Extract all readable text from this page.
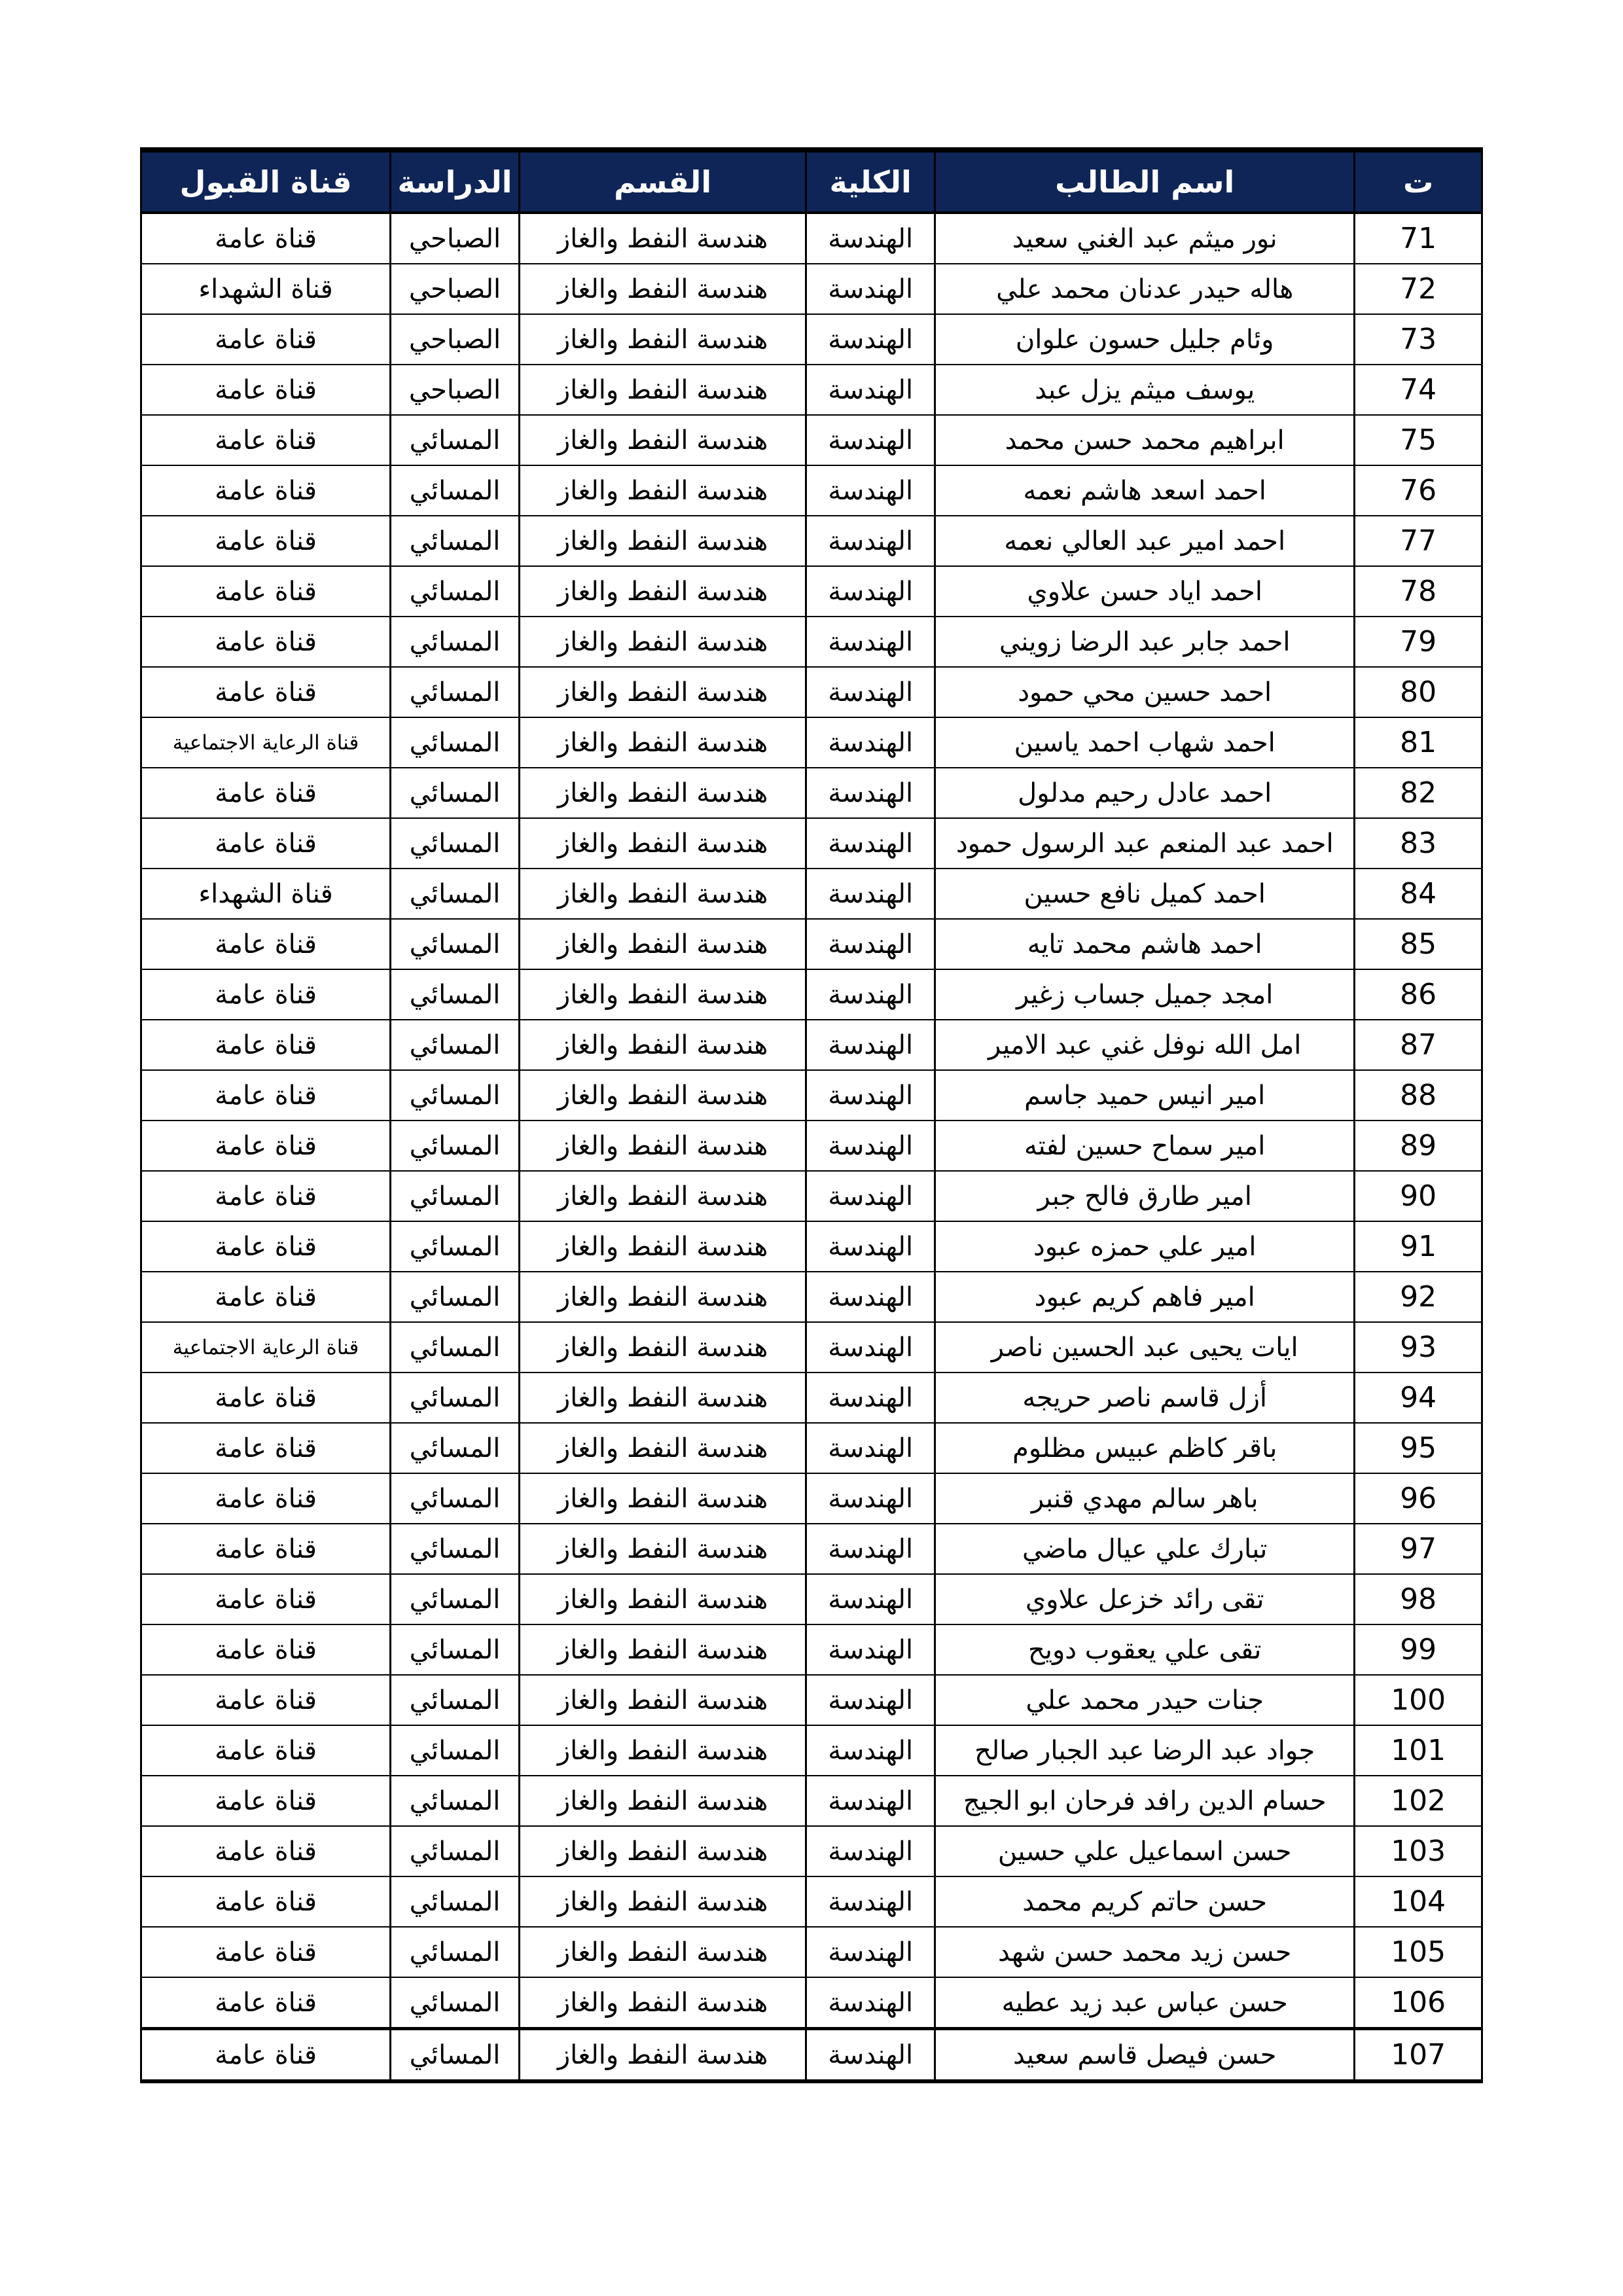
ت	اسم الطالب	الكلية	القسم	الدراسة	قناة القبول
71	نور ميثم عبد الغني سعيد	الهندسة	هندسة النفط والغاز	الصباحي	قناة عامة
72	هاله حيدر عدنان محمد علي	الهندسة	هندسة النفط والغاز	الصباحي	قناة الشهداء
73	وئام جليل حسون علوان	الهندسة	هندسة النفط والغاز	الصباحي	قناة عامة
74	يوسف ميثم يزل عبد	الهندسة	هندسة النفط والغاز	الصباحي	قناة عامة
75	ابراهيم محمد حسن محمد	الهندسة	هندسة النفط والغاز	المسائي	قناة عامة
76	احمد اسعد هاشم نعمه	الهندسة	هندسة النفط والغاز	المسائي	قناة عامة
77	احمد امير عبد العالي نعمه	الهندسة	هندسة النفط والغاز	المسائي	قناة عامة
78	احمد اياد حسن علاوي	الهندسة	هندسة النفط والغاز	المسائي	قناة عامة
79	احمد جابر عبد الرضا زويني	الهندسة	هندسة النفط والغاز	المسائي	قناة عامة
80	احمد حسين محي حمود	الهندسة	هندسة النفط والغاز	المسائي	قناة عامة
81	احمد شهاب احمد ياسين	الهندسة	هندسة النفط والغاز	المسائي	قناة الرعاية الاجتماعية
82	احمد عادل رحيم مدلول	الهندسة	هندسة النفط والغاز	المسائي	قناة عامة
83	احمد عبد المنعم عبد الرسول حمود	الهندسة	هندسة النفط والغاز	المسائي	قناة عامة
84	احمد كميل نافع حسين	الهندسة	هندسة النفط والغاز	المسائي	قناة الشهداء
85	احمد هاشم محمد تايه	الهندسة	هندسة النفط والغاز	المسائي	قناة عامة
86	امجد جميل جساب زغير	الهندسة	هندسة النفط والغاز	المسائي	قناة عامة
87	امل الله نوفل غني عبد الامير	الهندسة	هندسة النفط والغاز	المسائي	قناة عامة
88	امير انيس حميد جاسم	الهندسة	هندسة النفط والغاز	المسائي	قناة عامة
89	امير سماح حسين لفته	الهندسة	هندسة النفط والغاز	المسائي	قناة عامة
90	امير طارق فالح جبر	الهندسة	هندسة النفط والغاز	المسائي	قناة عامة
91	امير علي حمزه عبود	الهندسة	هندسة النفط والغاز	المسائي	قناة عامة
92	امير فاهم كريم عبود	الهندسة	هندسة النفط والغاز	المسائي	قناة عامة
93	ايات يحيى عبد الحسين ناصر	الهندسة	هندسة النفط والغاز	المسائي	قناة الرعاية الاجتماعية
94	أزل قاسم ناصر حريجه	الهندسة	هندسة النفط والغاز	المسائي	قناة عامة
95	باقر كاظم عبيس مظلوم	الهندسة	هندسة النفط والغاز	المسائي	قناة عامة
96	باهر سالم مهدي قنبر	الهندسة	هندسة النفط والغاز	المسائي	قناة عامة
97	تبارك علي عيال ماضي	الهندسة	هندسة النفط والغاز	المسائي	قناة عامة
98	تقى رائد خزعل علاوي	الهندسة	هندسة النفط والغاز	المسائي	قناة عامة
99	تقى علي يعقوب دويح	الهندسة	هندسة النفط والغاز	المسائي	قناة عامة
100	جنات حيدر محمد علي	الهندسة	هندسة النفط والغاز	المسائي	قناة عامة
101	جواد عبد الرضا عبد الجبار صالح	الهندسة	هندسة النفط والغاز	المسائي	قناة عامة
102	حسام الدين رافد فرحان ابو الجيج	الهندسة	هندسة النفط والغاز	المسائي	قناة عامة
103	حسن اسماعيل علي حسين	الهندسة	هندسة النفط والغاز	المسائي	قناة عامة
104	حسن حاتم كريم محمد	الهندسة	هندسة النفط والغاز	المسائي	قناة عامة
105	حسن زيد محمد حسن شهد	الهندسة	هندسة النفط والغاز	المسائي	قناة عامة
106	حسن عباس عبد زيد عطيه	الهندسة	هندسة النفط والغاز	المسائي	قناة عامة
107	حسن فيصل قاسم سعيد	الهندسة	هندسة النفط والغاز	المسائي	قناة عامة
